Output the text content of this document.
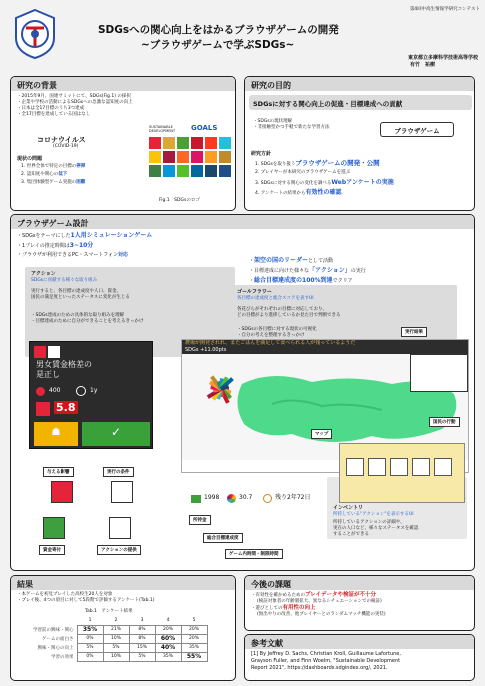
第4回中高生情報学研究コンテスト
SDGsへの関心向上をはかるブラウザゲームの開発
~ブラウザゲームで学ぶSDGs~
東京都立多摩科学技術高等学校
有竹　祐樹
研究の背景
・ 2015年9月、国連サミットにて、SDGs(Fig.1) の採択
・ 企業や学校の活動によるSDGsへの急激な認知度の向上
・ 日本は全17目標のうち3つ達成
・ 全17目標を達成している国はなし
コロナウイルス
(COVID-19)
現状の問題
1. 世界全体で特定の目標の停滞
2. 認知度や関心の低下
3. 集団体験型ゲーム実施の困難
SUSTAINABLE
DEVELOPMENT GOALS
Fig.1　SDGsのロゴ
研究の目的
SDGsに対する関心向上の促進・目標達成への貢献
・ SDGsの現状理解
・ 非接触型かつ手軽で新たな学習方法	ブラウザゲーム
研究方針
1. SDGsを取り扱うブラウザゲームの開発・公開
2. プレイヤーが本研究のブラウザゲームを遊ぶ
3. SDGsに対する関心の変化を調べるWebアンケートの実施
4. アンケートの結果から有効性の確認
ブラウザゲーム設計
・SDGsをテーマにした1人用シミュレーションゲーム
・1プレイの推定時間は3~10分
・ブラウザが利用できるPC・スマートフォン対応
・架空の国のリーダーとして活動
・目標達成に向けた様々な「アクション」の実行
・総合目標達成度の100%到達でクリア
アクション
SDGsに貢献する様々な取り組み
実行すると、各目標の達成度や人口、資金、
国民の満足度といったステータスに変化が生じる
・ SDGs達成のための具体的な取り組みを理解
・ 目標達成のために自分ができることを考えるきっかけ
ゴールフラワー
各目標の達成度と総合スコアを表すUI
各花びらがそれぞれの目標に対応しており、
どの目標がより進捗しているか見た目で判断できる
・ SDGsの各目標に対する現状の可視化
・ 自分の考えを整理するきっかけ
男女賃金格差の
是正し
400	1y
5.8
☗	✓
農場が開発されれ、またごはんを満足して食べられる人が残っているようだ
SDGs +11.00pts
1998	30.7	残り2年72日
インベントリ
所持している"アクション"を表示するUI
所持しているアクションの詳細や、
実在の人口など、様々なステータスを確認
することができる
与える影響	実行の条件
資金寄付	アクションの提供
所持金
総合目標達成度
ゲーム内時間・制限時間
マップ
実行結果
国民の行動
結果
・ 本ゲームを初見プレイした高校生20人を対象
・ プレイ後、4つの項目に対して5段階で評価するアンケート(Tab.1)
Tab.1　アンケート結果
	1	2	3	4	5
学習前の興味・関心	35%	21%	8%	20%	20%
ゲームの面白さ	0%	10%	8%	60%	20%
興味・関心の向上	5%	5%	15%	40%	35%
学習の効果	0%	10%	5%	35%	55%
今後の課題
・有効性を確かめるためのプレイデータや検証が不十分
(検証対象者の年齢層拡大、異なるシチュエーションでの検証)
・遊びとしての有用性の向上
(無出やりの改善、他プレイヤーとのランダムマッチ機能の実装)
参考文献
[1] By Jeffrey D. Sachs, Christian Kroll, Guillaume Lafortune,
Grayson Fuller, and Finn Woelm, "Sustainable Development
Report 2021", https://dashboards.sdgindex.org/, 2021.
